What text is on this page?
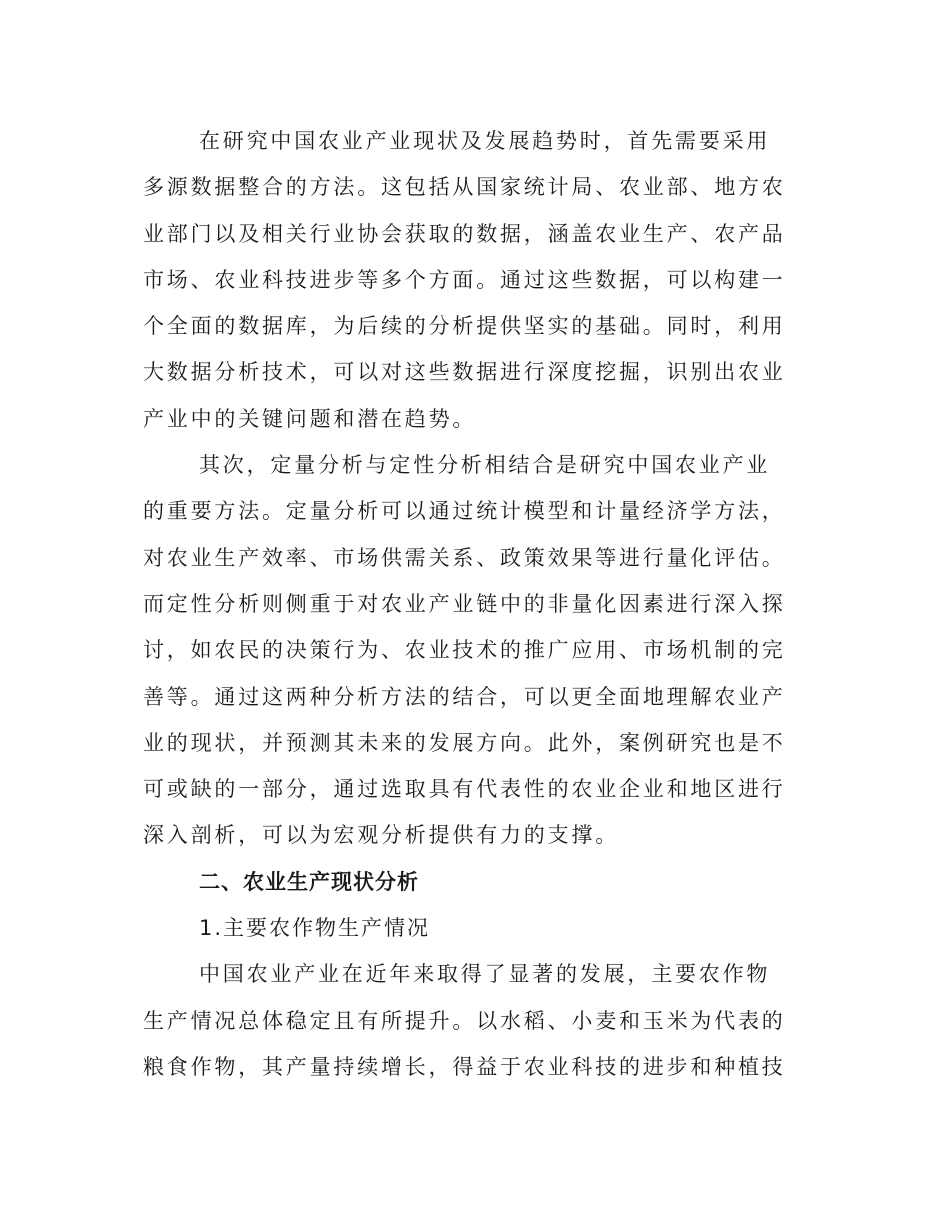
在研究中国农业产业现状及发展趋势时，首先需要采用
多源数据整合的方法。这包括从国家统计局、农业部、地方农
业部门以及相关行业协会获取的数据，涵盖农业生产、农产品
市场、农业科技进步等多个方面。通过这些数据，可以构建一
个全面的数据库，为后续的分析提供坚实的基础。同时，利用
大数据分析技术，可以对这些数据进行深度挖掘，识别出农业
产业中的关键问题和潜在趋势。
其次，定量分析与定性分析相结合是研究中国农业产业
的重要方法。定量分析可以通过统计模型和计量经济学方法，
对农业生产效率、市场供需关系、政策效果等进行量化评估。
而定性分析则侧重于对农业产业链中的非量化因素进行深入探
讨，如农民的决策行为、农业技术的推广应用、市场机制的完
善等。通过这两种分析方法的结合，可以更全面地理解农业产
业的现状，并预测其未来的发展方向。此外，案例研究也是不
可或缺的一部分，通过选取具有代表性的农业企业和地区进行
深入剖析，可以为宏观分析提供有力的支撑。
二、农业生产现状分析
1.主要农作物生产情况
中国农业产业在近年来取得了显著的发展，主要农作物
生产情况总体稳定且有所提升。以水稻、小麦和玉米为代表的
粮食作物，其产量持续增长，得益于农业科技的进步和种植技
